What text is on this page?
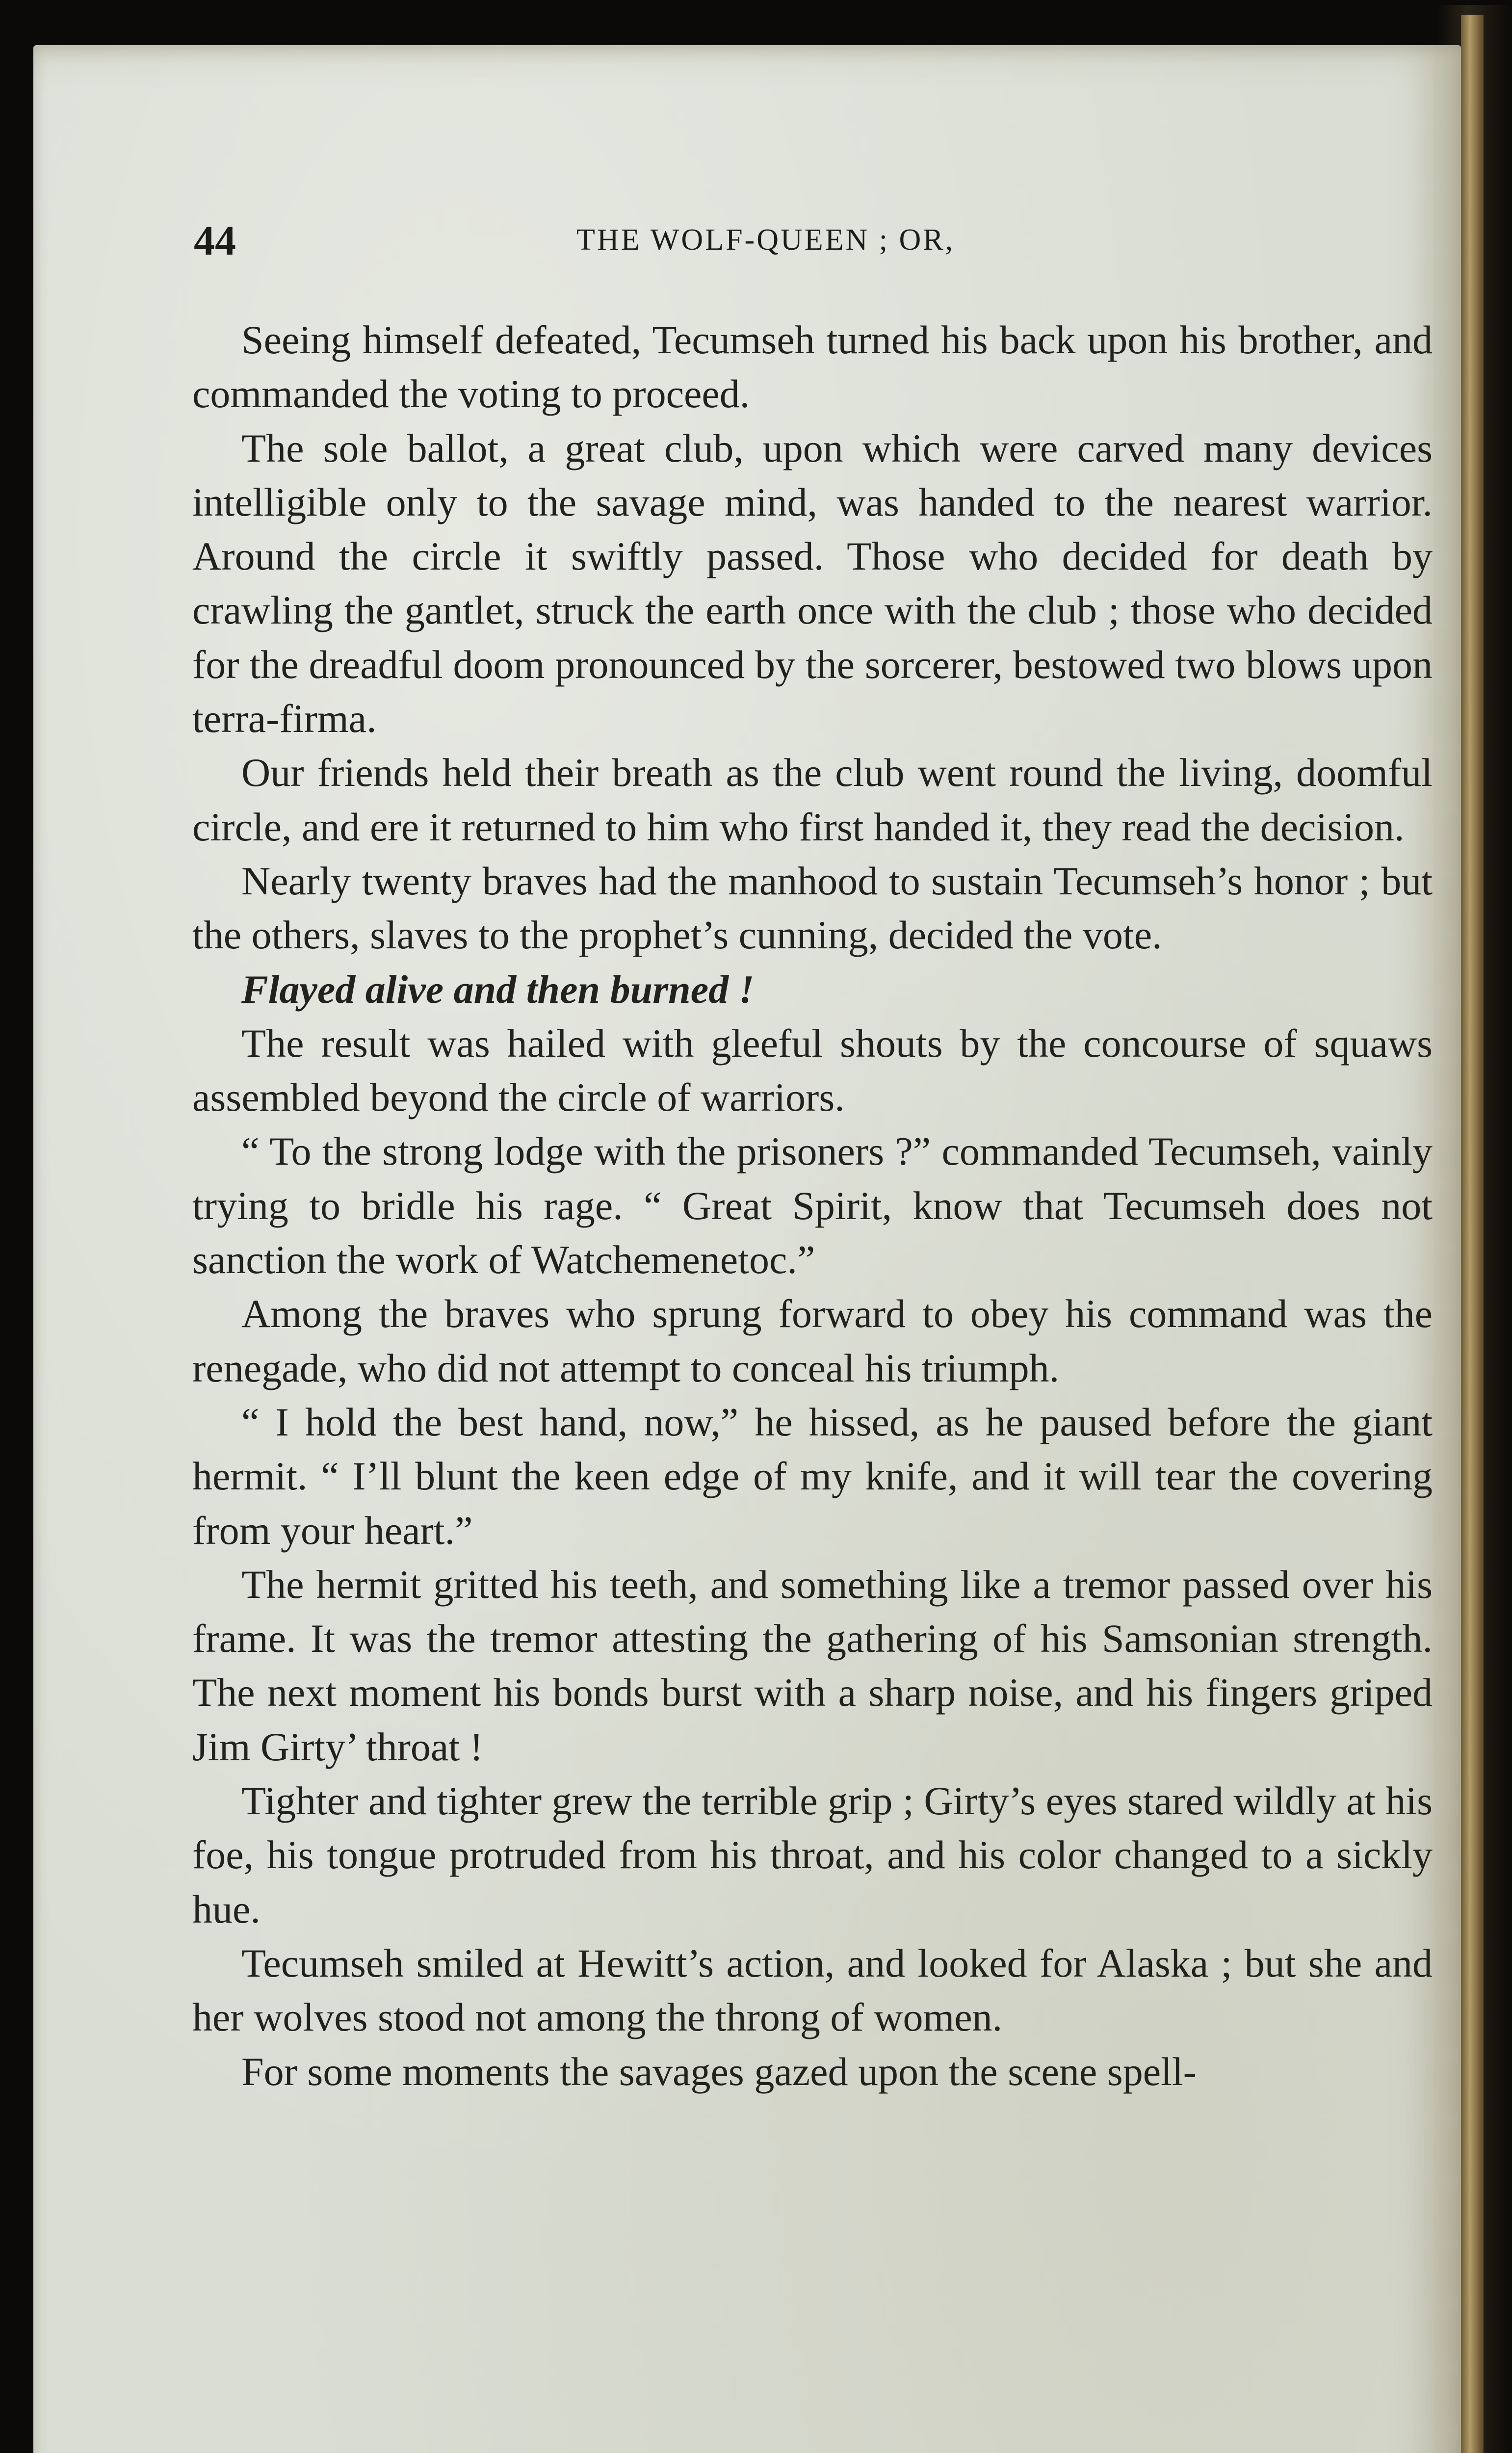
44	THE WOLF-QUEEN ; OR,

Seeing himself defeated, Tecumseh turned his back upon his brother, and commanded the voting to proceed.

The sole ballot, a great club, upon which were carved many devices intelligible only to the savage mind, was handed to the nearest warrior. Around the circle it swiftly passed. Those who decided for death by crawling the gantlet, struck the earth once with the club ; those who decided for the dreadful doom pronounced by the sorcerer, bestowed two blows upon terra-firma.

Our friends held their breath as the club went round the living, doomful circle, and ere it returned to him who first handed it, they read the decision.

Nearly twenty braves had the manhood to sustain Tecumseh’s honor ; but the others, slaves to the prophet’s cunning, decided the vote.

Flayed alive and then burned !

The result was hailed with gleeful shouts by the concourse of squaws assembled beyond the circle of warriors.

“ To the strong lodge with the prisoners ?” commanded Tecumseh, vainly trying to bridle his rage. “ Great Spirit, know that Tecumseh does not sanction the work of Watchemenetoc.”

Among the braves who sprung forward to obey his command was the renegade, who did not attempt to conceal his triumph.

“ I hold the best hand, now,” he hissed, as he paused before the giant hermit. “ I’ll blunt the keen edge of my knife, and it will tear the covering from your heart.”

The hermit gritted his teeth, and something like a tremor passed over his frame. It was the tremor attesting the gathering of his Samsonian strength. The next moment his bonds burst with a sharp noise, and his fingers griped Jim Girty’ throat !

Tighter and tighter grew the terrible grip ; Girty’s eyes stared wildly at his foe, his tongue protruded from his throat, and his color changed to a sickly hue.

Tecumseh smiled at Hewitt’s action, and looked for Alaska ; but she and her wolves stood not among the throng of women.

For some moments the savages gazed upon the scene spell-
